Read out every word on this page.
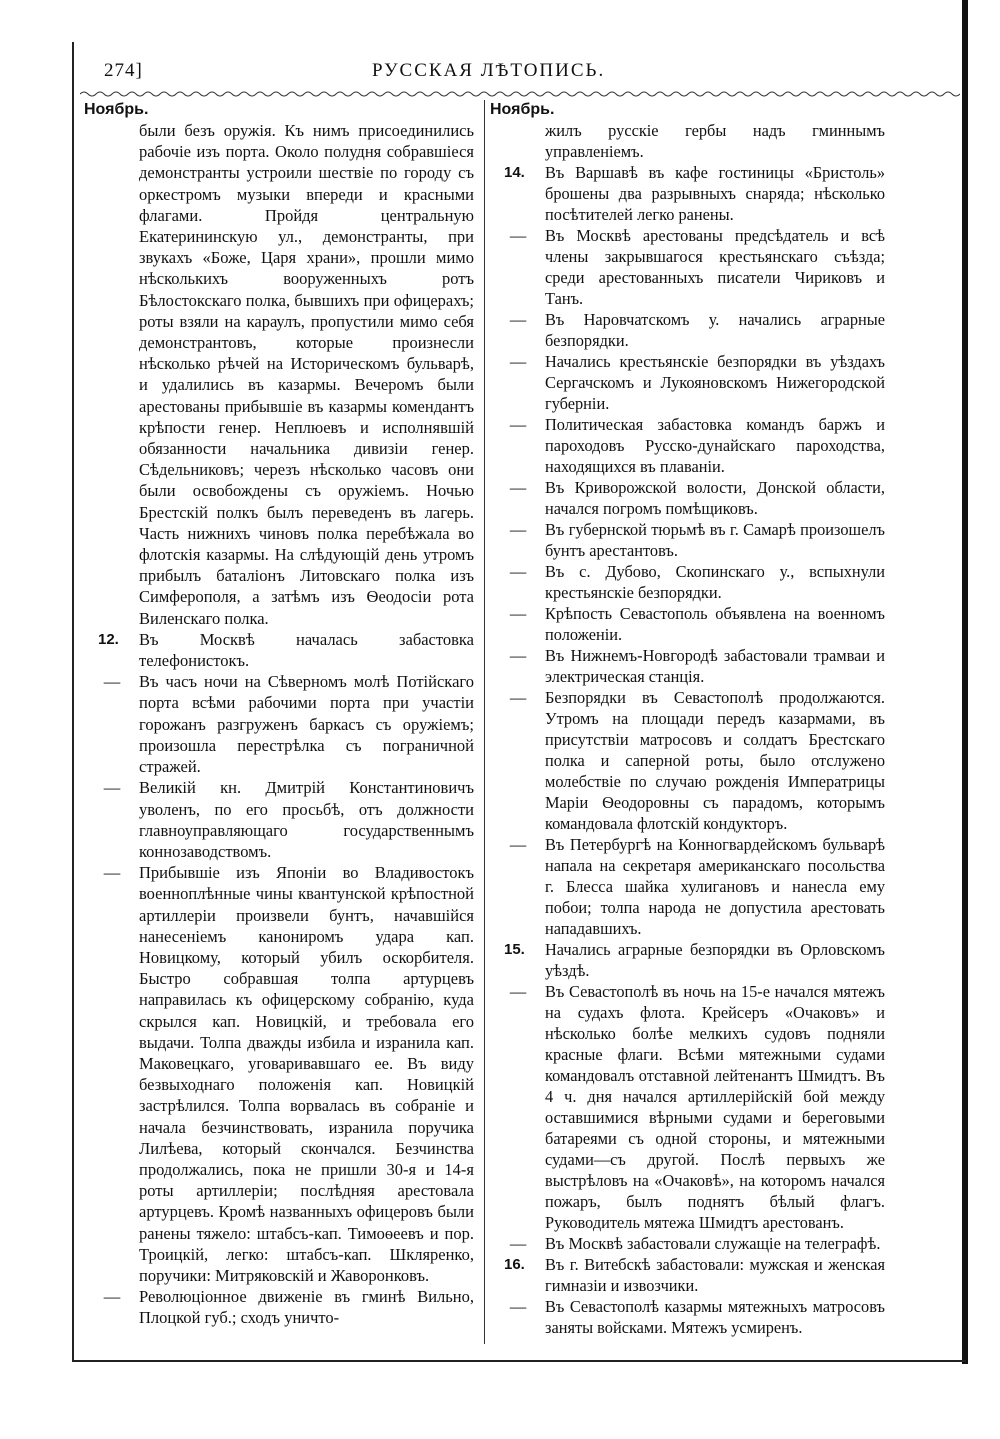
274]	РУССКАЯ ЛѢТОПИСЬ.
Ноябрь.
были безъ оружія. Къ нимъ присоединились рабочіе изъ порта. Около полудня собравшіеся демонстранты устроили шествіе по городу съ оркестромъ музыки впереди и красными флагами. Пройдя центральную Екатерининскую ул., демонстранты, при звукахъ «Боже, Царя храни», прошли мимо нѣсколькихъ вооруженныхъ ротъ Бѣлостокскаго полка, бывшихъ при офицерахъ; роты взяли на караулъ, пропустили мимо себя демонстрантовъ, которые произнесли нѣсколько рѣчей на Историческомъ бульварѣ, и удалились въ казармы. Вечеромъ были арестованы прибывшіе въ казармы комендантъ крѣпости генер. Неплюевъ и исполнявшій обязанности начальника дивизіи генер. Сѣдельниковъ; черезъ нѣсколько часовъ они были освобождены съ оружіемъ. Ночью Брестскій полкъ былъ переведенъ въ лагерь. Часть нижнихъ чиновъ полка перебѣжала во флотскія казармы. На слѣдующій день утромъ прибылъ баталіонъ Литовскаго полка изъ Симферополя, а затѣмъ изъ Ѳеодосіи рота Виленскаго полка.
12.	Въ Москвѣ началась забастовка телефонистокъ.
—	Въ часъ ночи на Сѣверномъ молѣ Потійскаго порта всѣми рабочими порта при участіи горожанъ разгруженъ баркасъ съ оружіемъ; произошла перестрѣлка съ пограничной стражей.
—	Великій кн. Дмитрій Константиновичъ уволенъ, по его просьбѣ, отъ должности главноуправляющаго государственнымъ коннозаводствомъ.
—	Прибывшіе изъ Японіи во Владивостокъ военноплѣнные чины квантунской крѣпостной артиллеріи произвели бунтъ, начавшійся нанесеніемъ канониромъ удара кап. Новицкому, который убилъ оскорбителя. Быстро собравшая толпа артурцевъ направилась къ офицерскому собранію, куда скрылся кап. Новицкій, и требовала его выдачи. Толпа дважды избила и изранила кап. Маковецкаго, уговаривавшаго ее. Въ виду безвыходнаго положенія кап. Новицкій застрѣлился. Толпа ворвалась въ собраніе и начала безчинствовать, изранила поручика Лилѣева, который скончался. Безчинства продолжались, пока не пришли 30-я и 14-я роты артиллеріи; послѣдняя арестовала артурцевъ. Кромѣ названныхъ офицеровъ были ранены тяжело: штабсъ-кап. Тимоѳеевъ и пор. Троицкій, легко: штабсъ-кап. Шкляренко, поручики: Митряковскій и Жаворонковъ.
—	Революціонное движеніе въ гминѣ Вильно, Плоцкой губ.; сходъ уничто-
Ноябрь.
жилъ русскіе гербы надъ гминнымъ управленіемъ.
14.	Въ Варшавѣ въ кафе гостиницы «Бристоль» брошены два разрывныхъ снаряда; нѣсколько посѣтителей легко ранены.
—	Въ Москвѣ арестованы предсѣдатель и всѣ члены закрывшагося крестьянскаго съѣзда; среди арестованныхъ писатели Чириковъ и Танъ.
—	Въ Наровчатскомъ у. начались аграрные безпорядки.
—	Начались крестьянскіе безпорядки въ уѣздахъ Сергачскомъ и Лукояновскомъ Нижегородской губерніи.
—	Политическая забастовка командъ баржъ и пароходовъ Русско-дунайскаго пароходства, находящихся въ плаваніи.
—	Въ Криворожской волости, Донской области, начался погромъ помѣщиковъ.
—	Въ губернской тюрьмѣ въ г. Самарѣ произошелъ бунтъ арестантовъ.
—	Въ с. Дубово, Скопинскаго у., вспыхнули крестьянскіе безпорядки.
—	Крѣпость Севастополь объявлена на военномъ положеніи.
—	Въ Нижнемъ-Новгородѣ забастовали трамваи и электрическая станція.
—	Безпорядки въ Севастополѣ продолжаются. Утромъ на площади передъ казармами, въ присутствіи матросовъ и солдатъ Брестскаго полка и саперной роты, было отслужено молебствіе по случаю рожденія Императрицы Маріи Ѳеодоровны съ парадомъ, которымъ командовала флотскій кондукторъ.
—	Въ Петербургѣ на Конногвардейскомъ бульварѣ напала на секретаря американскаго посольства г. Блесса шайка хулигановъ и нанесла ему побои; толпа народа не допустила арестовать нападавшихъ.
15.	Начались аграрные безпорядки въ Орловскомъ уѣздѣ.
—	Въ Севастополѣ въ ночь на 15-е начался мятежъ на судахъ флота. Крейсеръ «Очаковъ» и нѣсколько болѣе мелкихъ судовъ подняли красные флаги. Всѣми мятежными судами командовалъ отставной лейтенантъ Шмидтъ. Въ 4 ч. дня начался артиллерійскій бой между оставшимися вѣрными судами и береговыми батареями съ одной стороны, и мятежными судами—съ другой. Послѣ первыхъ же выстрѣловъ на «Очаковѣ», на которомъ начался пожаръ, былъ поднятъ бѣлый флагъ. Руководитель мятежа Шмидтъ арестованъ.
—	Въ Москвѣ забастовали служащіе на телеграфѣ.
16.	Въ г. Витебскѣ забастовали: мужская и женская гимназіи и извозчики.
—	Въ Севастополѣ казармы мятежныхъ матросовъ заняты войсками. Мятежъ усмиренъ.
